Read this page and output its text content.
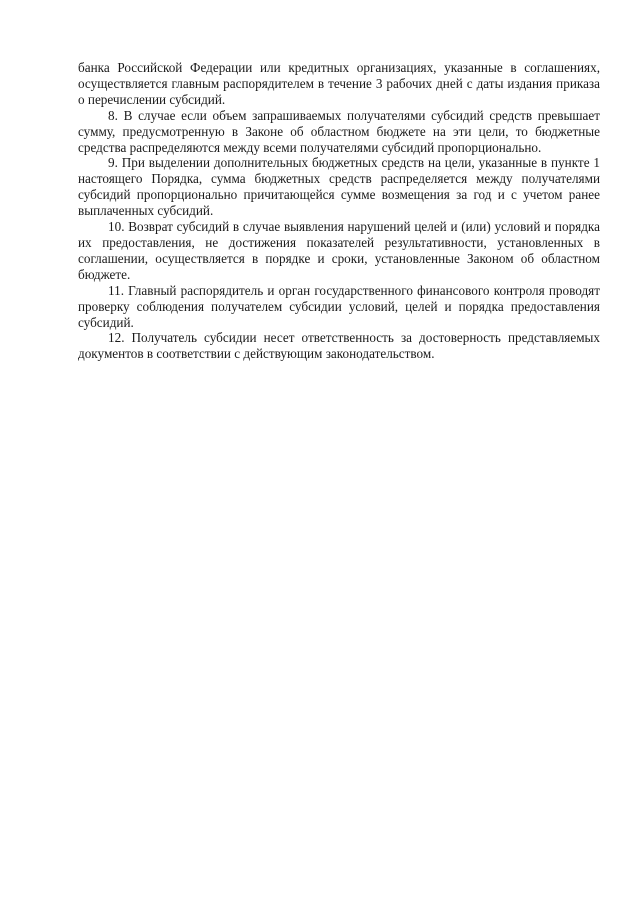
банка Российской Федерации или кредитных организациях, указанные в соглашениях, осуществляется главным распорядителем в течение 3 рабочих дней с даты издания приказа о перечислении субсидий.

8. В случае если объем запрашиваемых получателями субсидий средств превышает сумму, предусмотренную в Законе об областном бюджете на эти цели, то бюджетные средства распределяются между всеми получателями субсидий пропорционально.

9. При выделении дополнительных бюджетных средств на цели, указанные в пункте 1 настоящего Порядка, сумма бюджетных средств распределяется между получателями субсидий пропорционально причитающейся сумме возмещения за год и с учетом ранее выплаченных субсидий.

10. Возврат субсидий в случае выявления нарушений целей и (или) условий и порядка их предоставления, не достижения показателей результативности, установленных в соглашении, осуществляется в порядке и сроки, установленные Законом об областном бюджете.

11. Главный распорядитель и орган государственного финансового контроля проводят проверку соблюдения получателем субсидии условий, целей и порядка предоставления субсидий.

12. Получатель субсидии несет ответственность за достоверность представляемых документов в соответствии с действующим законодательством.
